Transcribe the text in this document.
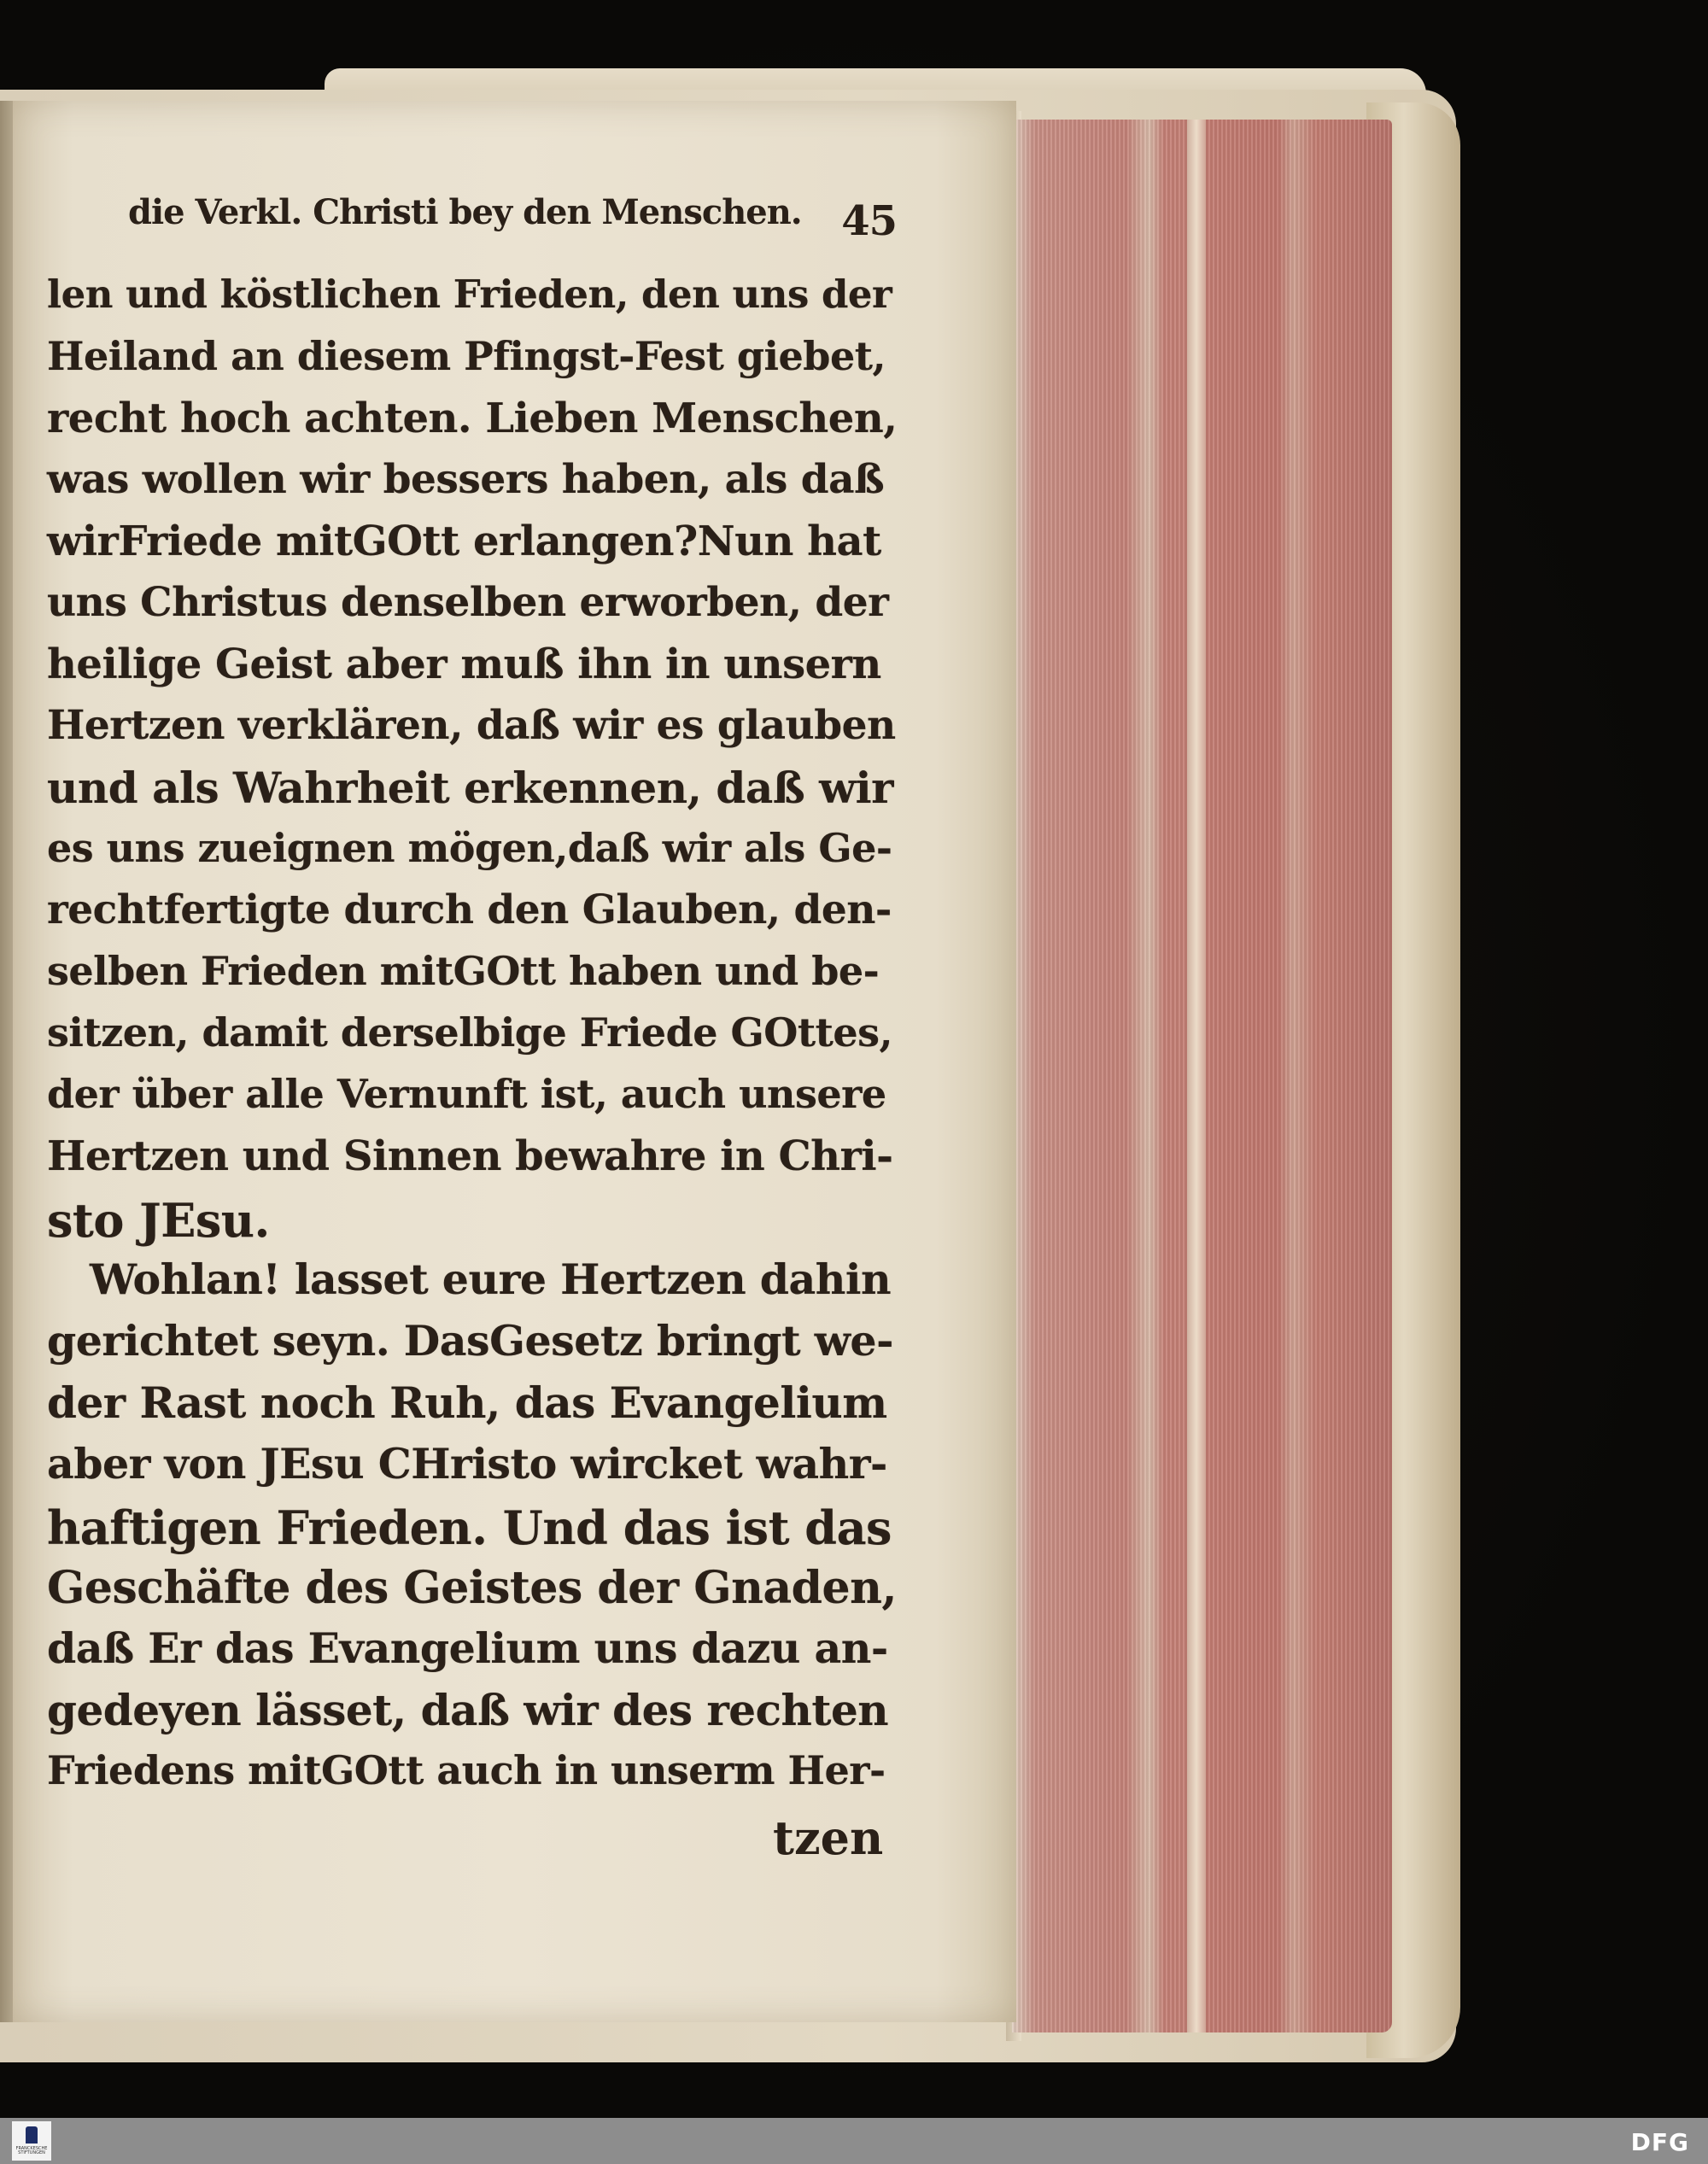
die Verkl. Christi bey den Menschen. 45
len und köstlichen Frieden, den uns der
Heiland an diesem Pfingst-Fest giebet,
recht hoch achten. Lieben Menschen,
was wollen wir bessers haben, als daß
wirFriede mitGOtt erlangen?Nun hat
uns Christus denselben erworben, der
heilige Geist aber muß ihn in unsern
Hertzen verklären, daß wir es glauben
und als Wahrheit erkennen, daß wir
es uns zueignen mögen,daß wir als Ge-
rechtfertigte durch den Glauben, den-
selben Frieden mitGOtt haben und be-
sitzen, damit derselbige Friede GOttes,
der über alle Vernunft ist, auch unsere
Hertzen und Sinnen bewahre in Chri-
sto JEsu.
Wohlan! lasset eure Hertzen dahin
gerichtet seyn. DasGesetz bringt we-
der Rast noch Ruh, das Evangelium
aber von JEsu CHristo wircket wahr-
haftigen Frieden. Und das ist das
Geschäfte des Geistes der Gnaden,
daß Er das Evangelium uns dazu an-
gedeyen lässet, daß wir des rechten
Friedens mitGOtt auch in unserm Her-
tzen
FRANCKESCHE STIFTUNGEN	DFG
